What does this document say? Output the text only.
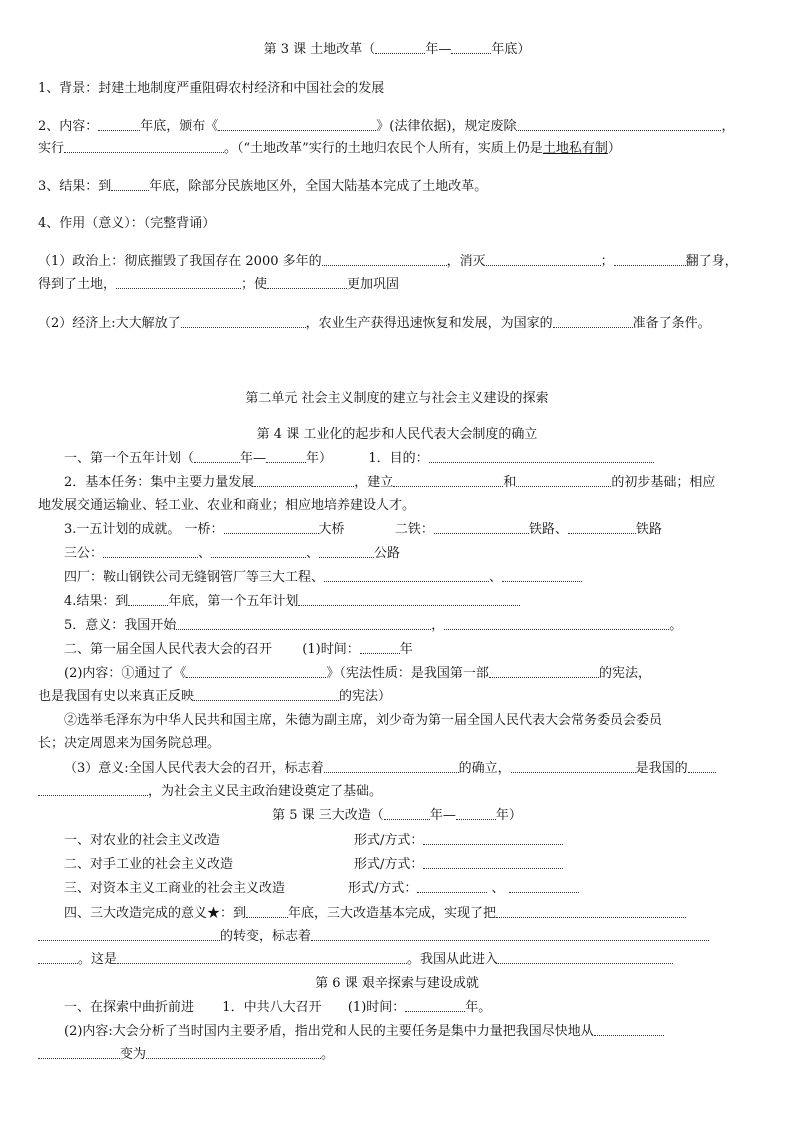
第 3 课 土地改革（	年—	年底）
1、背景：封建土地制度严重阻碍农村经济和中国社会的发展
2、内容：	年底，颁布《	》(法律依据)，规定废除	，
实行	。（“土地改革”实行的土地归农民个人所有，实质上仍是土地私有制）
3、结果：到	年底，除部分民族地区外，全国大陆基本完成了土地改革。
4、作用（意义）：（完整背诵）
（1）政治上：彻底摧毁了我国存在 2000 多年的	，消灭	；	翻了身，
得到了土地，	；使	更加巩固
（2）经济上:大大解放了	，农业生产获得迅速恢复和发展，为国家的	准备了条件。
第二单元 社会主义制度的建立与社会主义建设的探索
第 4 课 工业化的起步和人民代表大会制度的确立
一、第一个五年计划（	年—	年）	1．目的：
2．基本任务：集中主要力量发展	，建立	和	的初步基础；相应
地发展交通运输业、轻工业、农业和商业；相应地培养建设人才。
3.一五计划的成就。 一桥：	大桥	二铁：	铁路、	铁路
三公：	、	、	公路
四厂：鞍山钢铁公司无缝钢管厂等三大工程、	、
4.结果：到	年底，第一个五年计划
5．意义：我国开始	，	。
二、第一届全国人民代表大会的召开 (1)时间：	年
(2)内容：①通过了《	》（宪法性质：是我国第一部	的宪法，
也是我国有史以来真正反映	的宪法）
②选举毛泽东为中华人民共和国主席，朱德为副主席，刘少奇为第一届全国人民代表大会常务委员会委员
长；决定周恩来为国务院总理。
（3）意义:全国人民代表大会的召开，标志着	的确立，	是我国的
，为社会主义民主政治建设奠定了基础。
第 5 课 三大改造（	年—	年）
一、对农业的社会主义改造	形式/方式：
二、对手工业的社会主义改造	形式/方式：
三、对资本主义工商业的社会主义改造	形式/方式：	、
四、三大改造完成的意义★：到	年底，三大改造基本完成，实现了把
的转变，标志着
。这是	。我国从此进入
第 6 课 艰辛探索与建设成就
一、在探索中曲折前进 1．中共八大召开 (1)时间：	年。
(2)内容:大会分析了当时国内主要矛盾，指出党和人民的主要任务是集中力量把我国尽快地从
变为	。
